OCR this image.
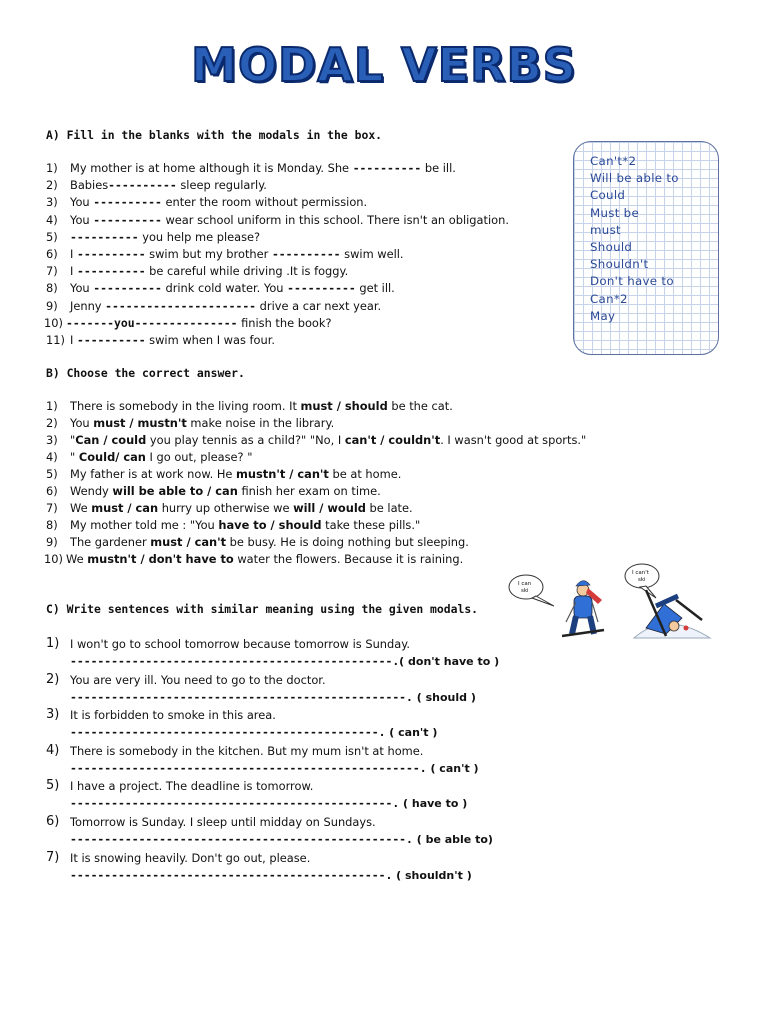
MODAL VERBS
A) Fill in the blanks with the modals in the box.
1)	My mother is at home although it is Monday. She ---------- be ill.
2)	Babies---------- sleep regularly.
3)	You ---------- enter the room without permission.
4)	You ---------- wear school uniform in this school. There isn't an obligation.
5)	---------- you help me please?
6)	I ---------- swim but my brother ---------- swim well.
7)	I ---------- be careful while driving .It is foggy.
8)	You ---------- drink cold water. You ---------- get ill.
9)	Jenny ---------------------- drive a car next year.
10) -------you--------------- finish the book?
11) I ---------- swim when I was four.
Can't*2
Will be able to
Could
Must be
must
Should
Shouldn't
Don't have to
Can*2
May
B) Choose the correct answer.
1)	There is somebody in the living room. It must / should be the cat.
2)	You must / mustn't make noise in the library.
3)	"Can / could you play tennis as a child?" "No, I can't / couldn't. I wasn't good at sports."
4)	" Could/ can I go out, please? "
5)	My father is at work now. He mustn't / can't be at home.
6)	Wendy will be able to / can finish her exam on time.
7)	We must / can hurry up otherwise we will / would be late.
8)	My mother told me : "You have to / should take these pills."
9)	The gardener must / can't be busy. He is doing nothing but sleeping.
10) We mustn't / don't have to water the flowers. Because it is raining.
I can
ski
I can't
ski
C) Write sentences with similar meaning using the given modals.
1) I won't go to school tomorrow because tomorrow is Sunday.
-----------------------------------------------.( don't have to )
2) You are very ill. You need to go to the doctor.
-------------------------------------------------. ( should )
3) It is forbidden to smoke in this area.
---------------------------------------------. ( can't )
4) There is somebody in the kitchen. But my mum isn't at home.
---------------------------------------------------. ( can't )
5) I have a project. The deadline is tomorrow.
-----------------------------------------------. ( have to )
6) Tomorrow is Sunday. I sleep until midday on Sundays.
-------------------------------------------------. ( be able to)
7) It is snowing heavily. Don't go out, please.
----------------------------------------------. ( shouldn't )
